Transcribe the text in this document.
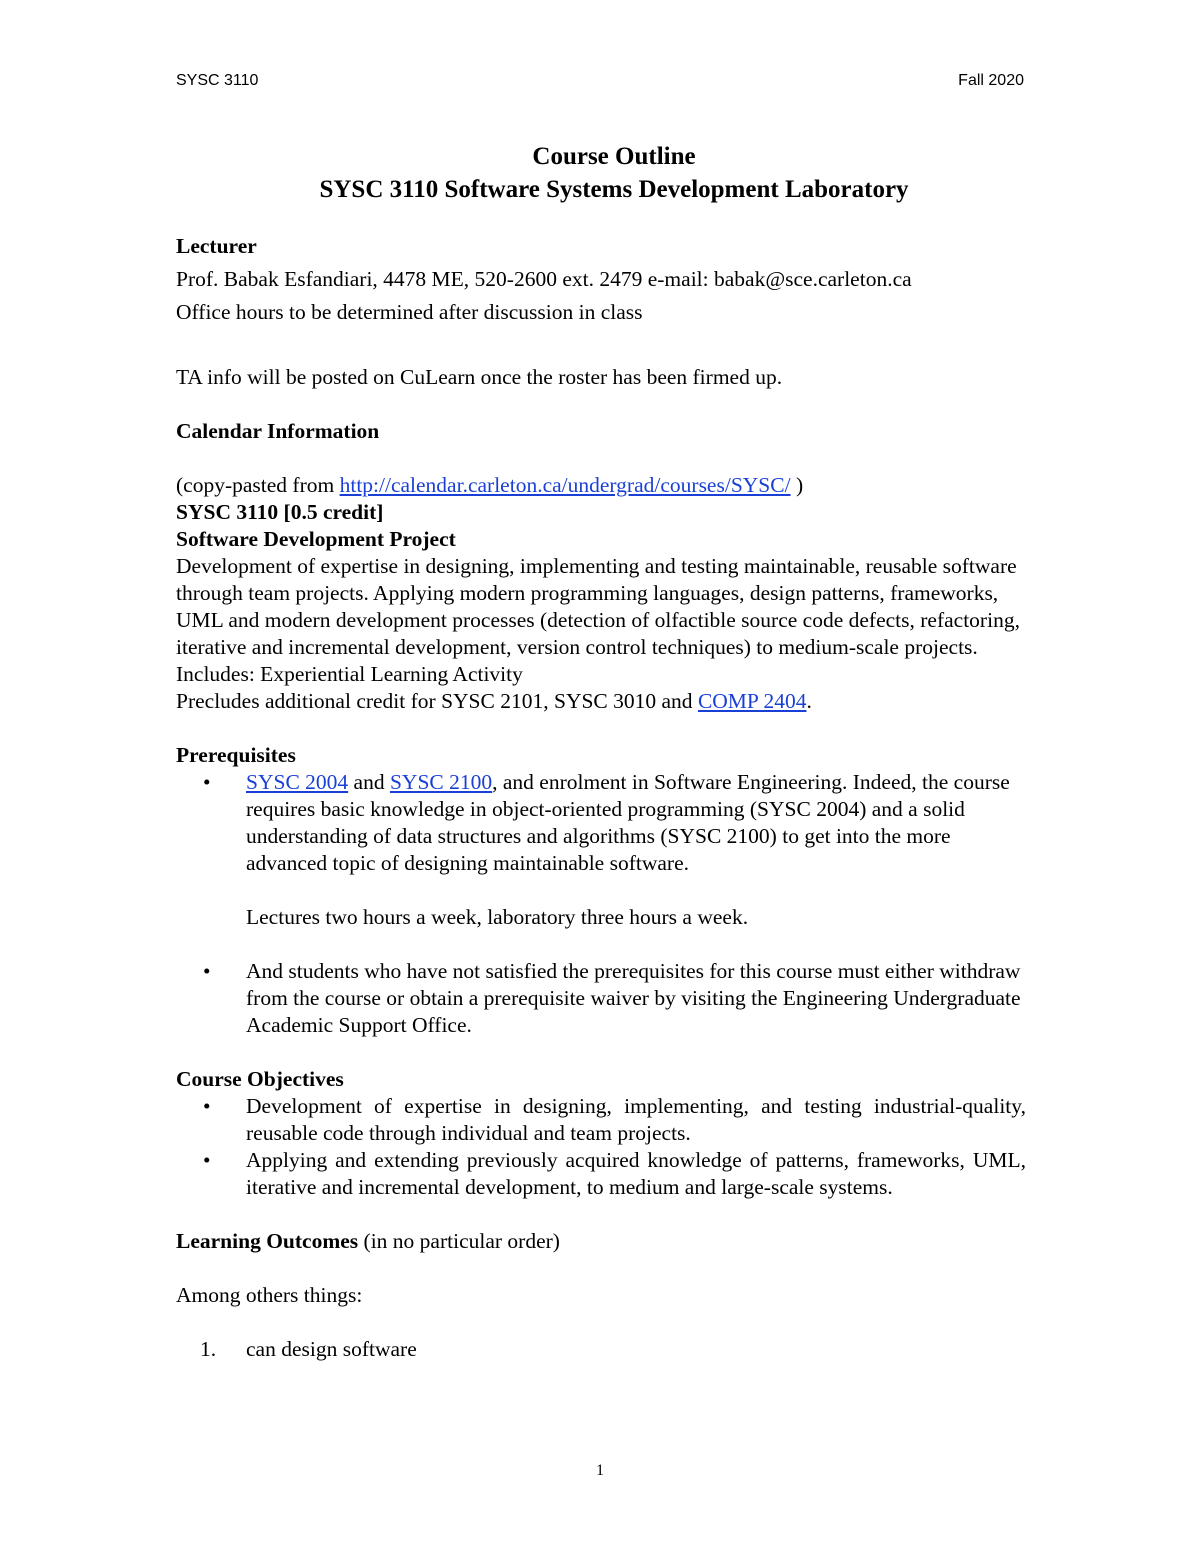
SYSC 3110	Fall 2020
Course Outline
SYSC 3110 Software Systems Development Laboratory
Lecturer
Prof. Babak Esfandiari, 4478 ME, 520-2600 ext. 2479 e-mail: babak@sce.carleton.ca
Office hours to be determined after discussion in class
TA info will be posted on CuLearn once the roster has been firmed up.
Calendar Information
(copy-pasted from http://calendar.carleton.ca/undergrad/courses/SYSC/ )
SYSC 3110 [0.5 credit]
Software Development Project
Development of expertise in designing, implementing and testing maintainable, reusable software through team projects. Applying modern programming languages, design patterns, frameworks, UML and modern development processes (detection of olfactible source code defects, refactoring, iterative and incremental development, version control techniques) to medium-scale projects.
Includes: Experiential Learning Activity
Precludes additional credit for SYSC 2101, SYSC 3010 and COMP 2404.
Prerequisites
• SYSC 2004 and SYSC 2100, and enrolment in Software Engineering. Indeed, the course requires basic knowledge in object-oriented programming (SYSC 2004) and a solid understanding of data structures and algorithms (SYSC 2100) to get into the more advanced topic of designing maintainable software.
Lectures two hours a week, laboratory three hours a week.
• And students who have not satisfied the prerequisites for this course must either withdraw from the course or obtain a prerequisite waiver by visiting the Engineering Undergraduate Academic Support Office.
Course Objectives
• Development of expertise in designing, implementing, and testing industrial-quality, reusable code through individual and team projects.
• Applying and extending previously acquired knowledge of patterns, frameworks, UML, iterative and incremental development, to medium and large-scale systems.
Learning Outcomes (in no particular order)
Among others things:
1. can design software
1
